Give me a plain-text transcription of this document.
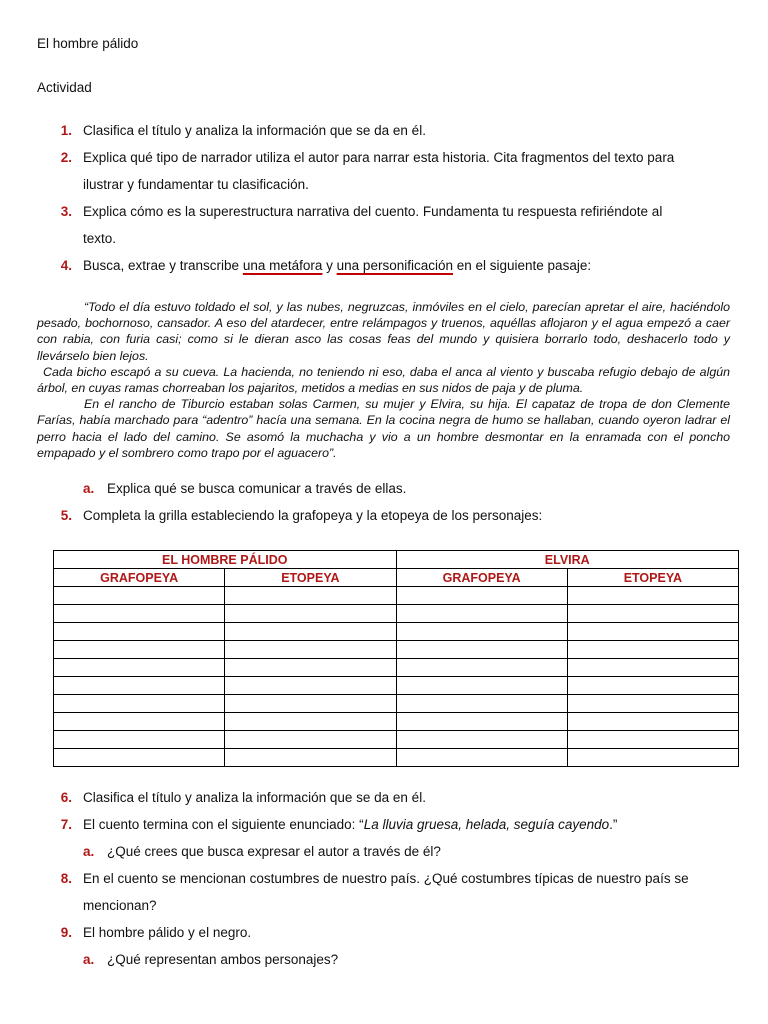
El hombre pálido
Actividad
1. Clasifica el título y analiza la información que se da en él.
2. Explica qué tipo de narrador utiliza el autor para narrar esta historia. Cita fragmentos del texto para
ilustrar y fundamentar tu clasificación.
3. Explica cómo es la superestructura narrativa del cuento. Fundamenta tu respuesta refiriéndote al
texto.
4. Busca, extrae y transcribe una metáfora y una personificación en el siguiente pasaje:

“Todo el día estuvo toldado el sol, y las nubes, negruzcas, inmóviles en el cielo, parecían apretar el aire, haciéndolo pesado, bochornoso, cansador. A eso del atardecer, entre relámpagos y truenos, aquéllas aflojaron y el agua empezó a caer con rabia, con furia casi; como si le dieran asco las cosas feas del mundo y quisiera borrarlo todo, deshacerlo todo y llevárselo bien lejos.

Cada bicho escapó a su cueva. La hacienda, no teniendo ni eso, daba el anca al viento y buscaba refugio debajo de algún árbol, en cuyas ramas chorreaban los pajaritos, metidos a medias en sus nidos de paja y de pluma.

En el rancho de Tiburcio estaban solas Carmen, su mujer y Elvira, su hija. El capataz de tropa de don Clemente Farías, había marchado para “adentro” hacía una semana. En la cocina negra de humo se hallaban, cuando oyeron ladrar el perro hacia el lado del camino. Se asomó la muchacha y vio a un hombre desmontar en la enramada con el poncho empapado y el sombrero como trapo por el aguacero”.

a. Explica qué se busca comunicar a través de ellas.
5. Completa la grilla estableciendo la grafopeya y la etopeya de los personajes:
EL HOMBRE PÁLIDO		ELVIRA	
GRAFOPEYA	ETOPEYA	GRAFOPEYA	ETOPEYA

6. Clasifica el título y analiza la información que se da en él.
7. El cuento termina con el siguiente enunciado: “La lluvia gruesa, helada, seguía cayendo.”
a. ¿Qué crees que busca expresar el autor a través de él?
8. En el cuento se mencionan costumbres de nuestro país. ¿Qué costumbres típicas de nuestro país se
mencionan?
9. El hombre pálido y el negro.
a. ¿Qué representan ambos personajes?
